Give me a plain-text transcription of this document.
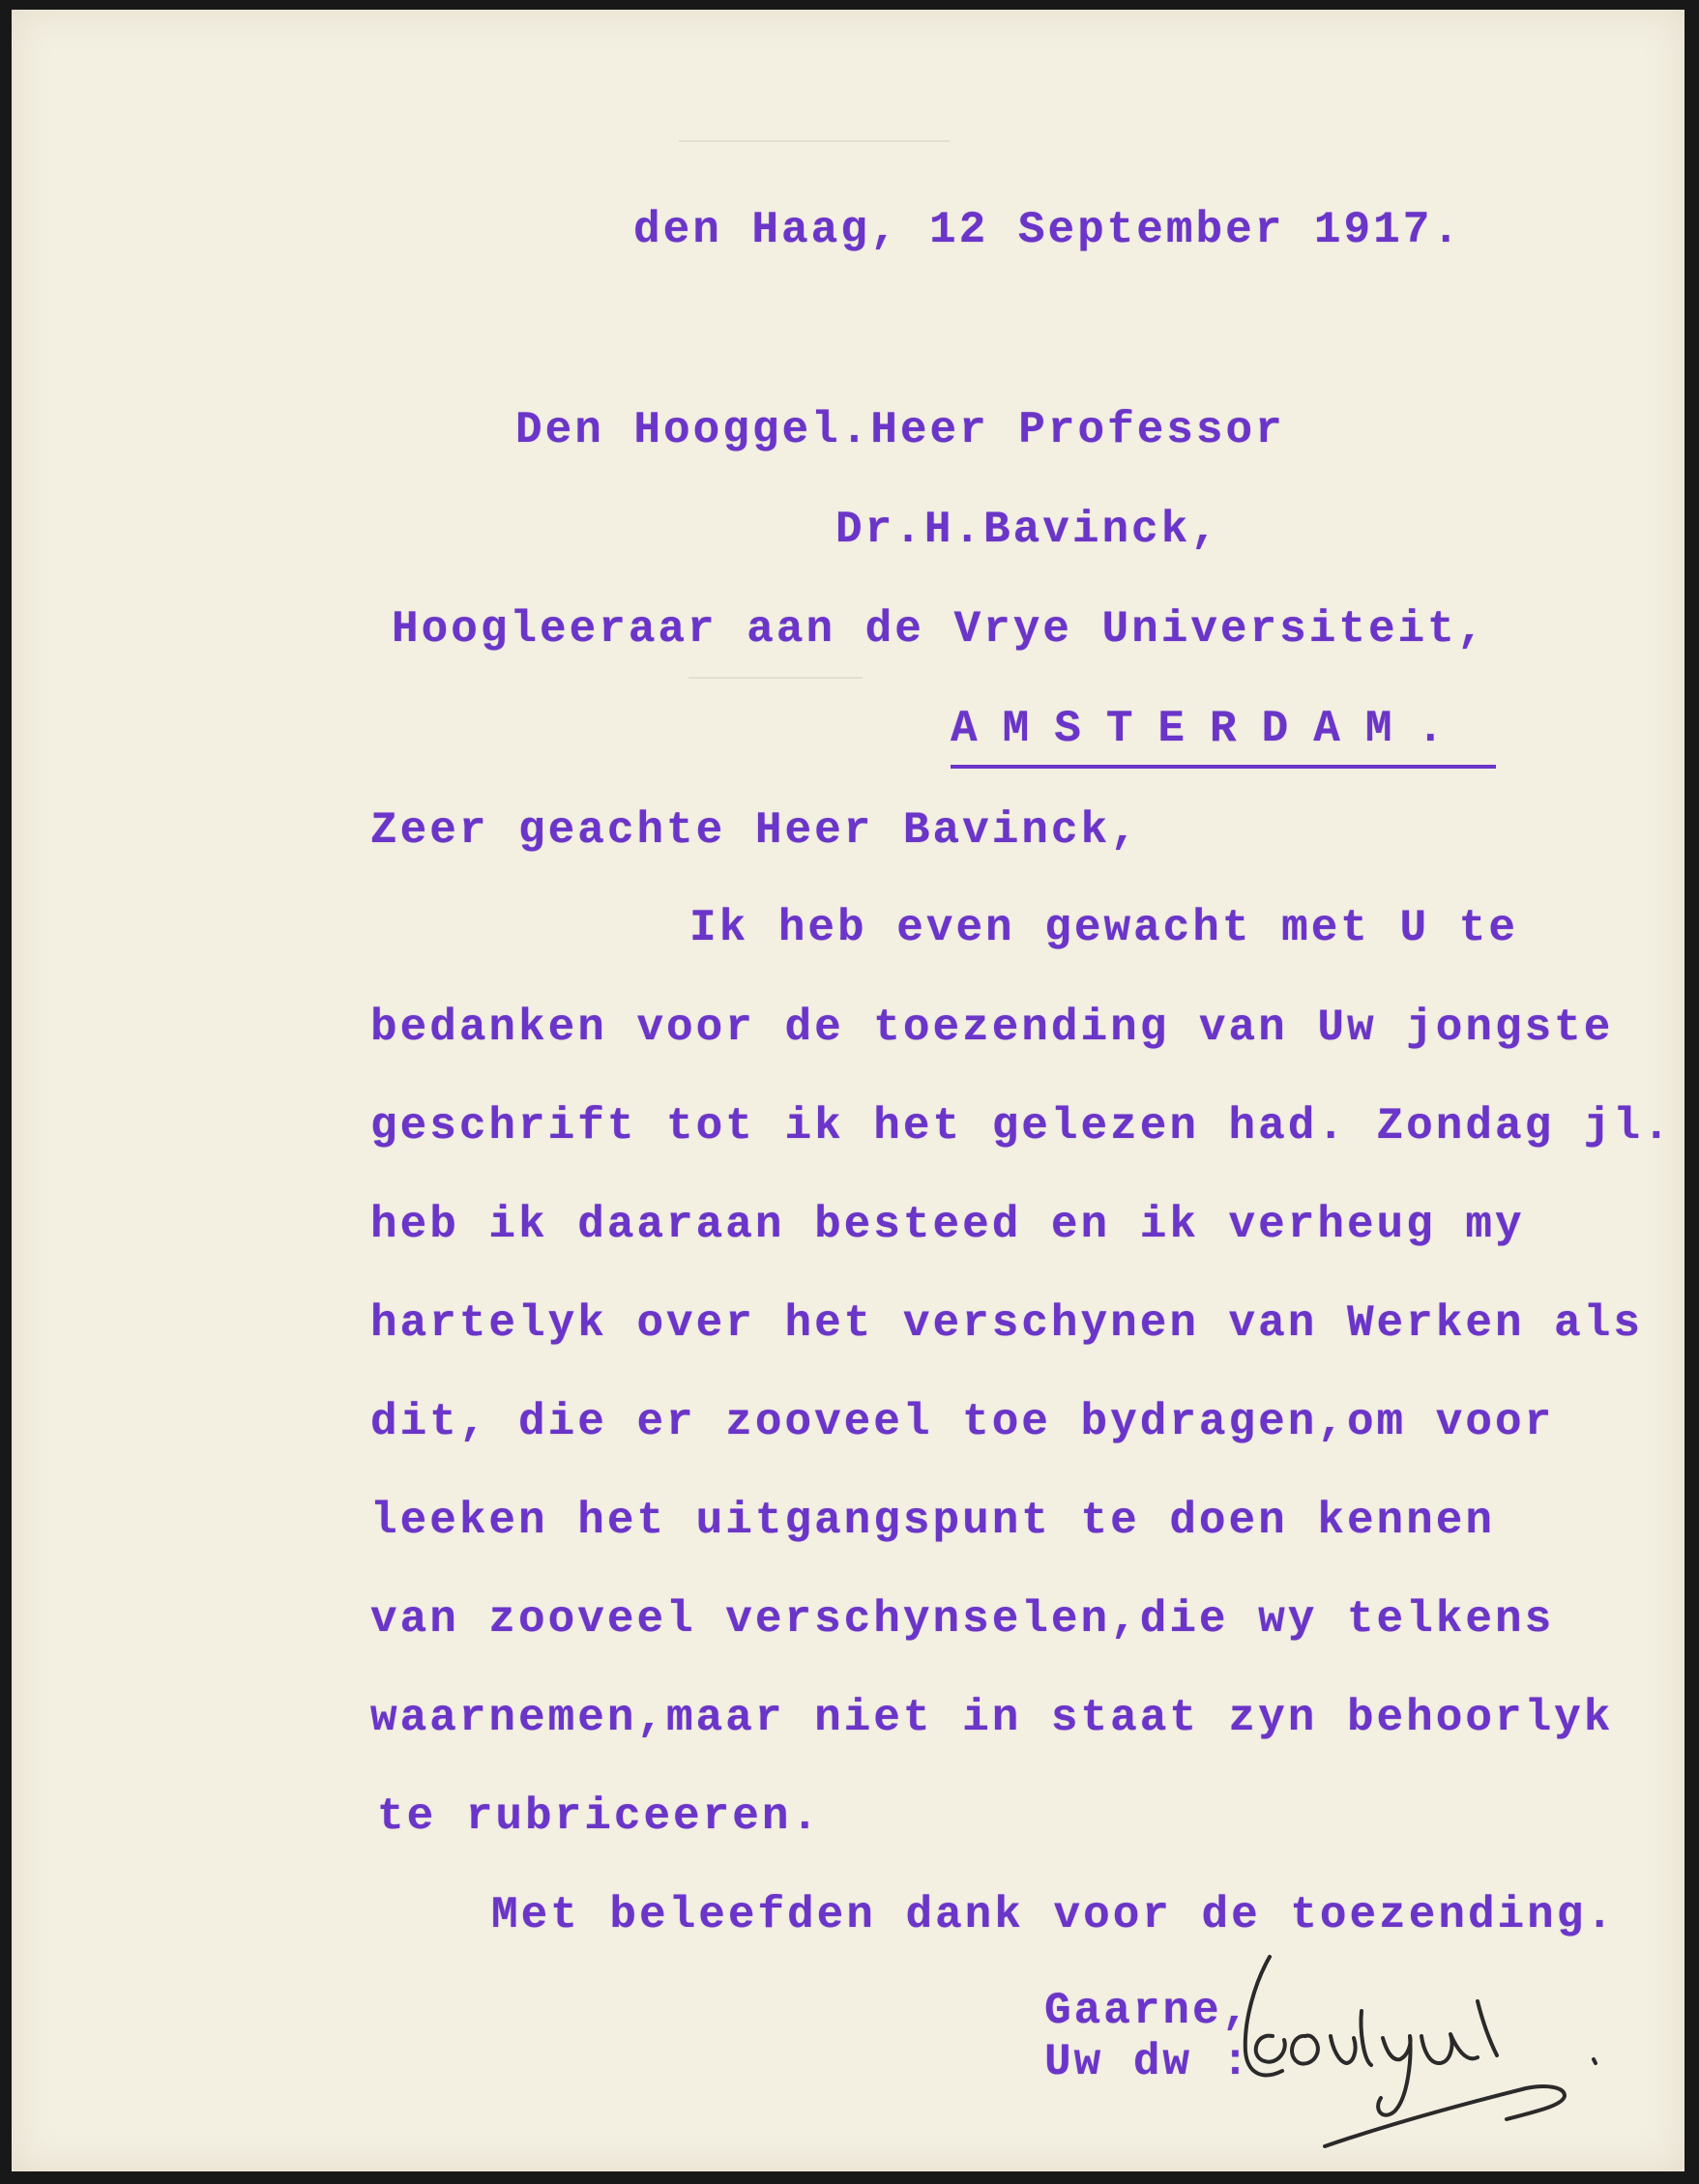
den Haag, 12 September 1917.
Den Hooggel.Heer Professor
Dr.H.Bavinck,
Hoogleeraar aan de Vrye Universiteit,
AMSTERDAM.
Zeer geachte Heer Bavinck,
Ik heb even gewacht met U te
bedanken voor de toezending van Uw jongste
geschrift tot ik het gelezen had. Zondag jl.
heb ik daaraan besteed en ik verheug my
hartelyk over het verschynen van Werken als
dit, die er zooveel toe bydragen,om voor
leeken het uitgangspunt te doen kennen
van zooveel verschynselen,die wy telkens
waarnemen,maar niet in staat zyn behoorlyk
te rubriceeren.
Met beleefden dank voor de toezending.
Gaarne,
Uw dw :
